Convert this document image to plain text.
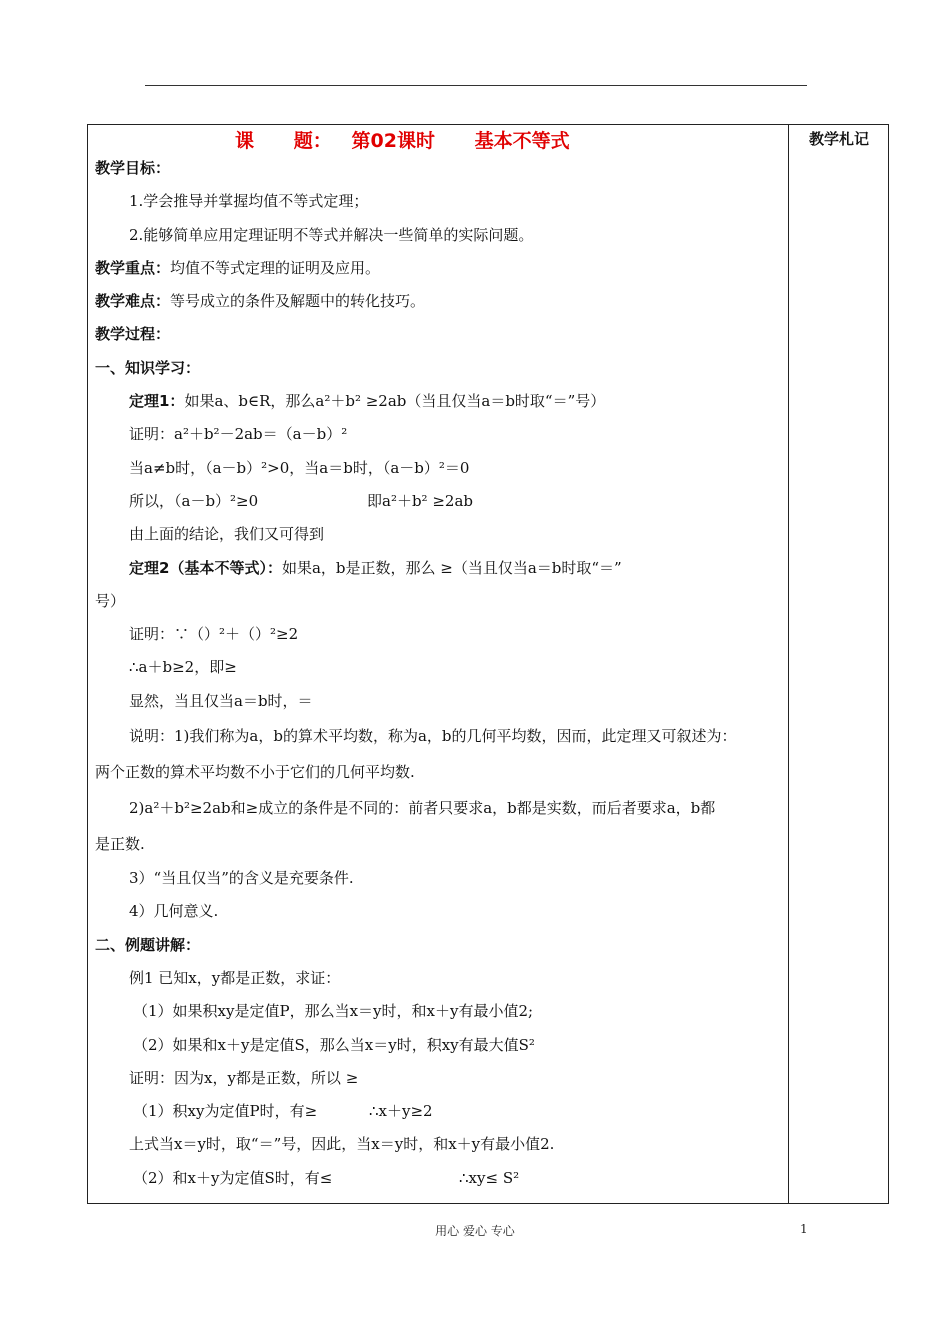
教学札记
课      题：   第02课时      基本不等式
教学目标：
1.学会推导并掌握均值不等式定理；
2.能够简单应用定理证明不等式并解决一些简单的实际问题。
教学重点：均值不等式定理的证明及应用。
教学难点：等号成立的条件及解题中的转化技巧。
教学过程：
一、知识学习：
定理1：如果a、b∈R，那么a²＋b² ≥2ab（当且仅当a＝b时取“＝”号）
证明：a²＋b²－2ab＝（a－b）²
当a≠b时，（a－b）²>0，当a＝b时，（a－b）²＝0
所以，（a－b）²≥0	即a²＋b² ≥2ab
由上面的结论，我们又可得到
定理2（基本不等式）：如果a，b是正数，那么 ≥（当且仅当a＝b时取“＝”
号）
证明：∵（）²＋（）²≥2
∴a＋b≥2，即≥
显然，当且仅当a＝b时，＝
说明：1)我们称为a，b的算术平均数，称为a，b的几何平均数，因而，此定理又可叙述为：
两个正数的算术平均数不小于它们的几何平均数.
2)a²＋b²≥2ab和≥成立的条件是不同的：前者只要求a，b都是实数，而后者要求a，b都
是正数.
3）“当且仅当”的含义是充要条件.
4）几何意义.
二、例题讲解：
例1 已知x，y都是正数，求证：
（1）如果积xy是定值P，那么当x＝y时，和x＋y有最小值2;
（2）如果和x＋y是定值S，那么当x＝y时，积xy有最大值S²
证明：因为x，y都是正数，所以 ≥
（1）积xy为定值P时，有≥	∴x＋y≥2
上式当x＝y时，取“＝”号，因此，当x＝y时，和x＋y有最小值2.
（2）和x＋y为定值S时，有≤	∴xy≤ S²
用心 爱心 专心	1
